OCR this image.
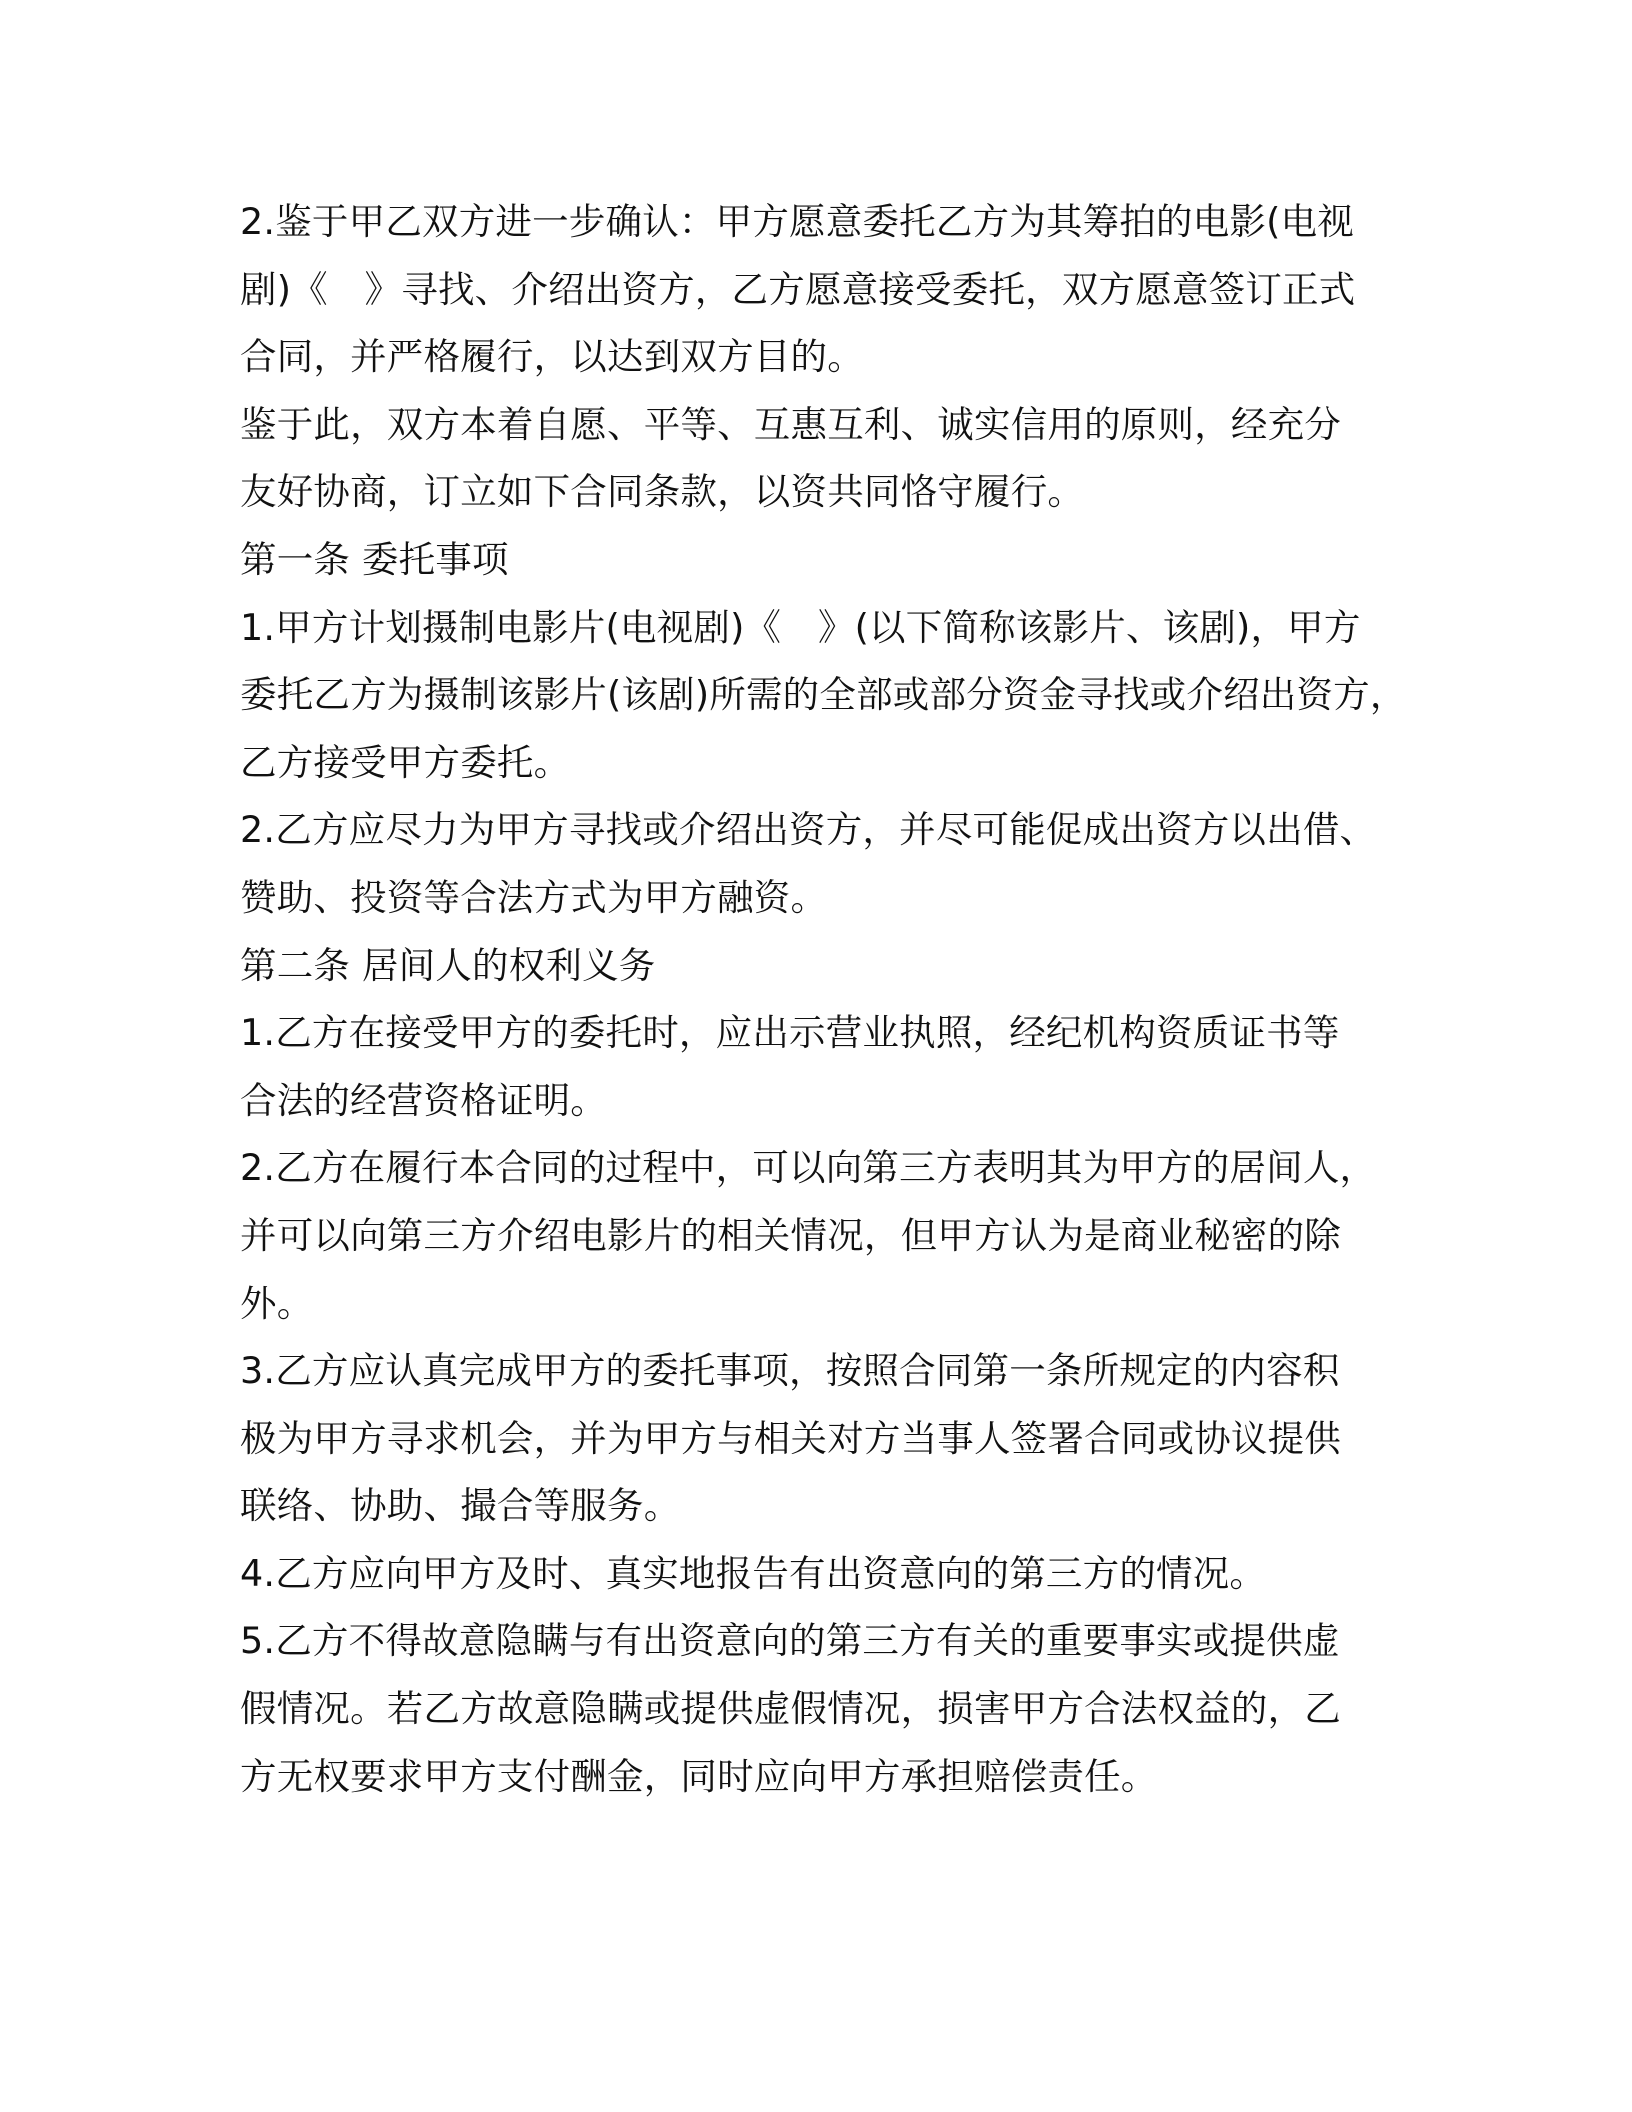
2.鉴于甲乙双方进一步确认：甲方愿意委托乙方为其筹拍的电影(电视
剧)《　》寻找、介绍出资方，乙方愿意接受委托，双方愿意签订正式
合同，并严格履行，以达到双方目的。
鉴于此，双方本着自愿、平等、互惠互利、诚实信用的原则，经充分
友好协商，订立如下合同条款，以资共同恪守履行。
第一条 委托事项
1.甲方计划摄制电影片(电视剧)《　》(以下简称该影片、该剧)，甲方
委托乙方为摄制该影片(该剧)所需的全部或部分资金寻找或介绍出资方，
乙方接受甲方委托。
2.乙方应尽力为甲方寻找或介绍出资方，并尽可能促成出资方以出借、
赞助、投资等合法方式为甲方融资。
第二条 居间人的权利义务
1.乙方在接受甲方的委托时，应出示营业执照，经纪机构资质证书等
合法的经营资格证明。
2.乙方在履行本合同的过程中，可以向第三方表明其为甲方的居间人，
并可以向第三方介绍电影片的相关情况，但甲方认为是商业秘密的除
外。
3.乙方应认真完成甲方的委托事项，按照合同第一条所规定的内容积
极为甲方寻求机会，并为甲方与相关对方当事人签署合同或协议提供
联络、协助、撮合等服务。
4.乙方应向甲方及时、真实地报告有出资意向的第三方的情况。
5.乙方不得故意隐瞒与有出资意向的第三方有关的重要事实或提供虚
假情况。若乙方故意隐瞒或提供虚假情况，损害甲方合法权益的，乙
方无权要求甲方支付酬金，同时应向甲方承担赔偿责任。
